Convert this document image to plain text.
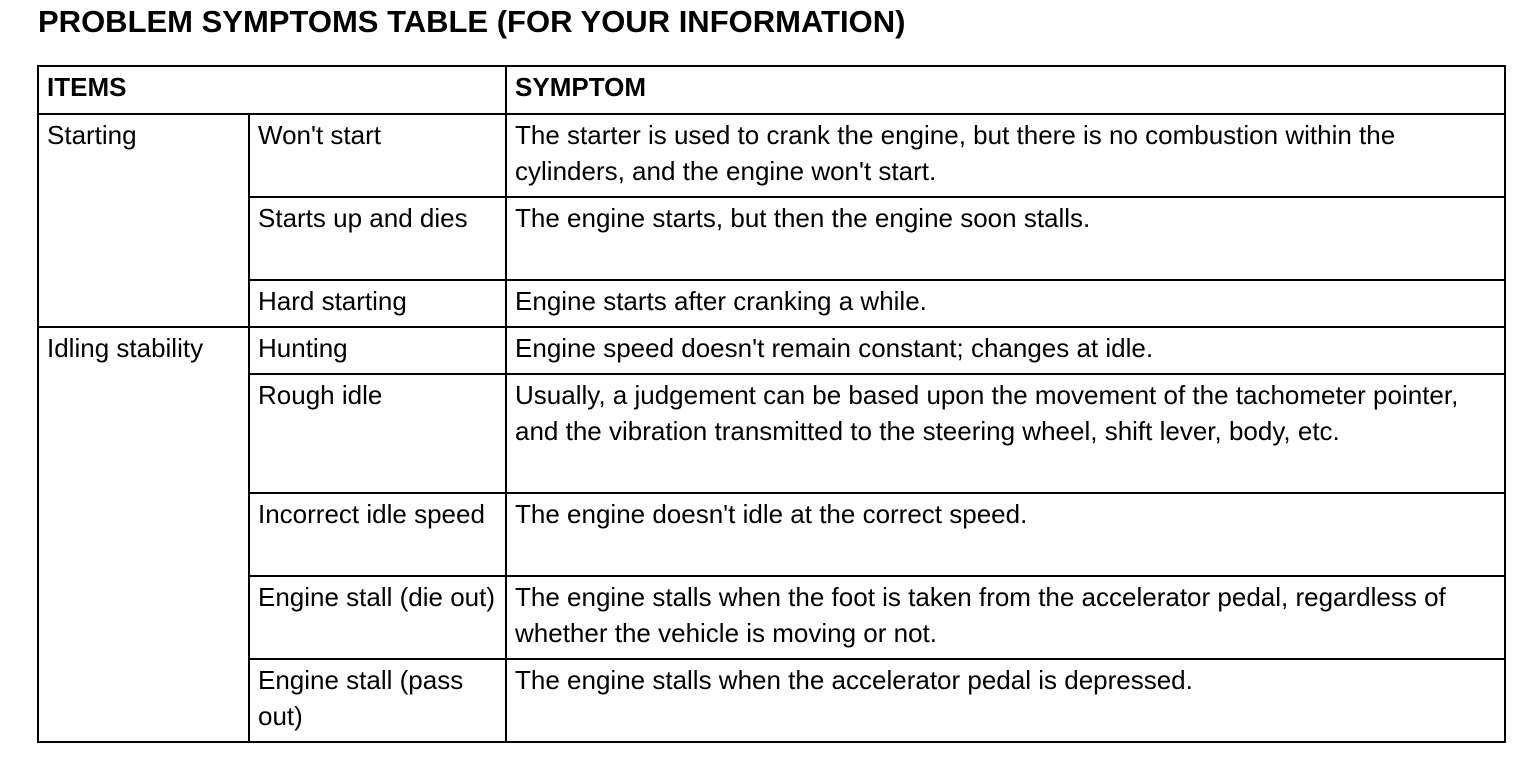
PROBLEM SYMPTOMS TABLE (FOR YOUR INFORMATION)
ITEMS		SYMPTOM
Starting	Won't start	The starter is used to crank the engine, but there is no combustion within the cylinders, and the engine won't start.
	Starts up and dies	The engine starts, but then the engine soon stalls.
	Hard starting	Engine starts after cranking a while.
Idling stability	Hunting	Engine speed doesn't remain constant; changes at idle.
	Rough idle	Usually, a judgement can be based upon the movement of the tachometer pointer, and the vibration transmitted to the steering wheel, shift lever, body, etc.
	Incorrect idle speed	The engine doesn't idle at the correct speed.
	Engine stall (die out)	The engine stalls when the foot is taken from the accelerator pedal, regardless of whether the vehicle is moving or not.
	Engine stall (pass out)	The engine stalls when the accelerator pedal is depressed.
